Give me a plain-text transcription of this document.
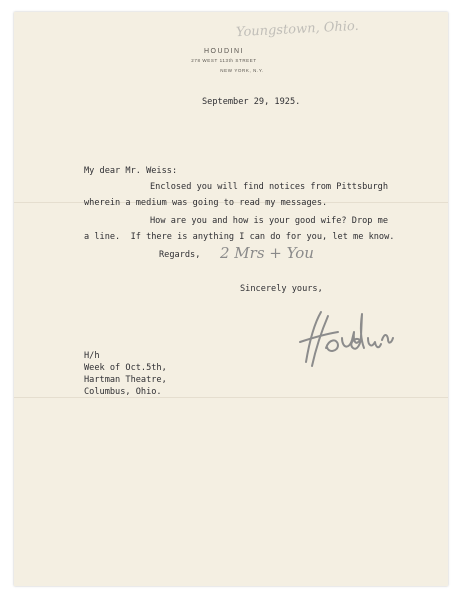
Youngstown, Ohio.
HOUDINI
278 WEST 113th STREET
NEW YORK, N.Y.
September 29, 1925.
My dear Mr. Weiss:
Enclosed you will find notices from Pittsburgh
wherein a medium was going to read my messages.
How are you and how is your good wife? Drop me
a line.  If there is anything I can do for you, let me know.
Regards, 2 Mrs + You
Sincerely yours,
H/h
Week of Oct.5th,
Hartman Theatre,
Columbus, Ohio.
